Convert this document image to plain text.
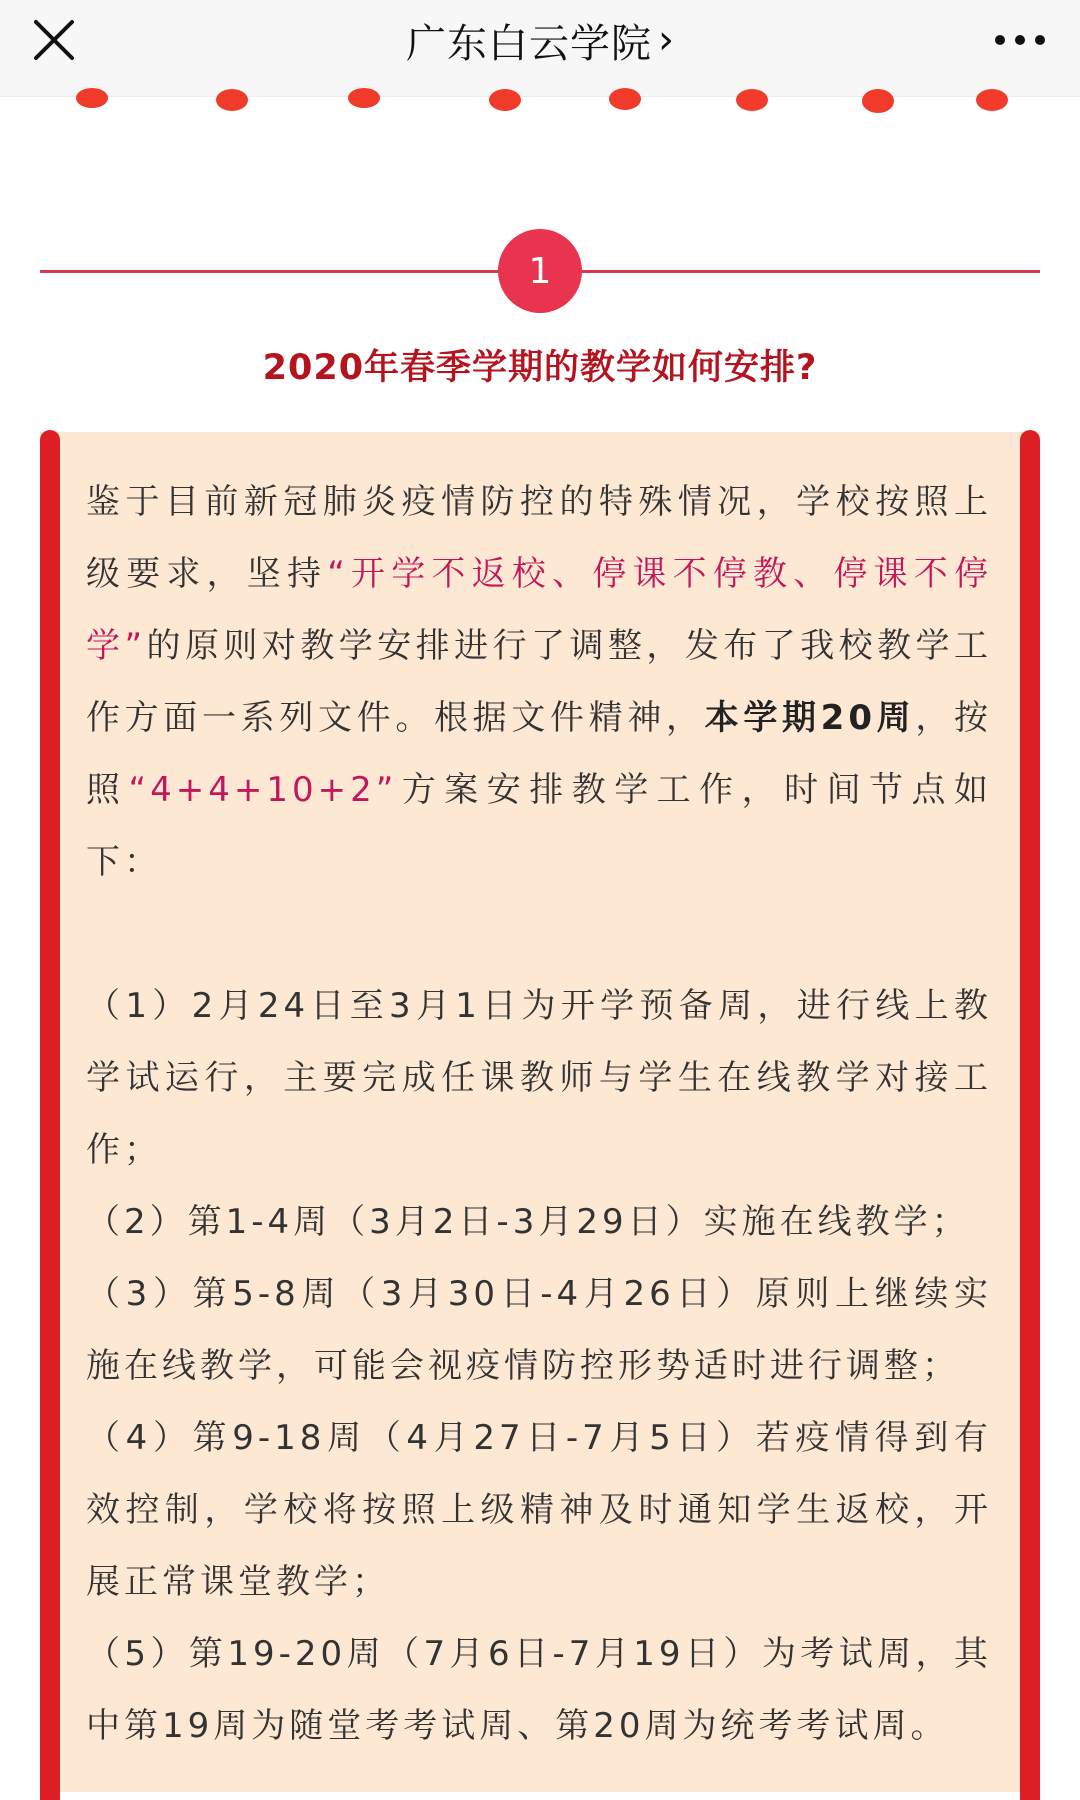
广东白云学院 ›
1
2020年春季学期的教学如何安排?

鉴于目前新冠肺炎疫情防控的特殊情况，学校按照上级要求，坚持“开学不返校、停课不停教、停课不停学”的原则对教学安排进行了调整，发布了我校教学工作方面一系列文件。根据文件精神，本学期20周，按照“4+4+10+2”方案安排教学工作，时间节点如下：

（1）2月24日至3月1日为开学预备周，进行线上教学试运行，主要完成任课教师与学生在线教学对接工作；

（2）第1-4周（3月2日-3月29日）实施在线教学；

（3）第5-8周（3月30日-4月26日）原则上继续实施在线教学，可能会视疫情防控形势适时进行调整；

（4）第9-18周（4月27日-7月5日）若疫情得到有效控制，学校将按照上级精神及时通知学生返校，开展正常课堂教学；

（5）第19-20周（7月6日-7月19日）为考试周，其中第19周为随堂考考试周、第20周为统考考试周。
